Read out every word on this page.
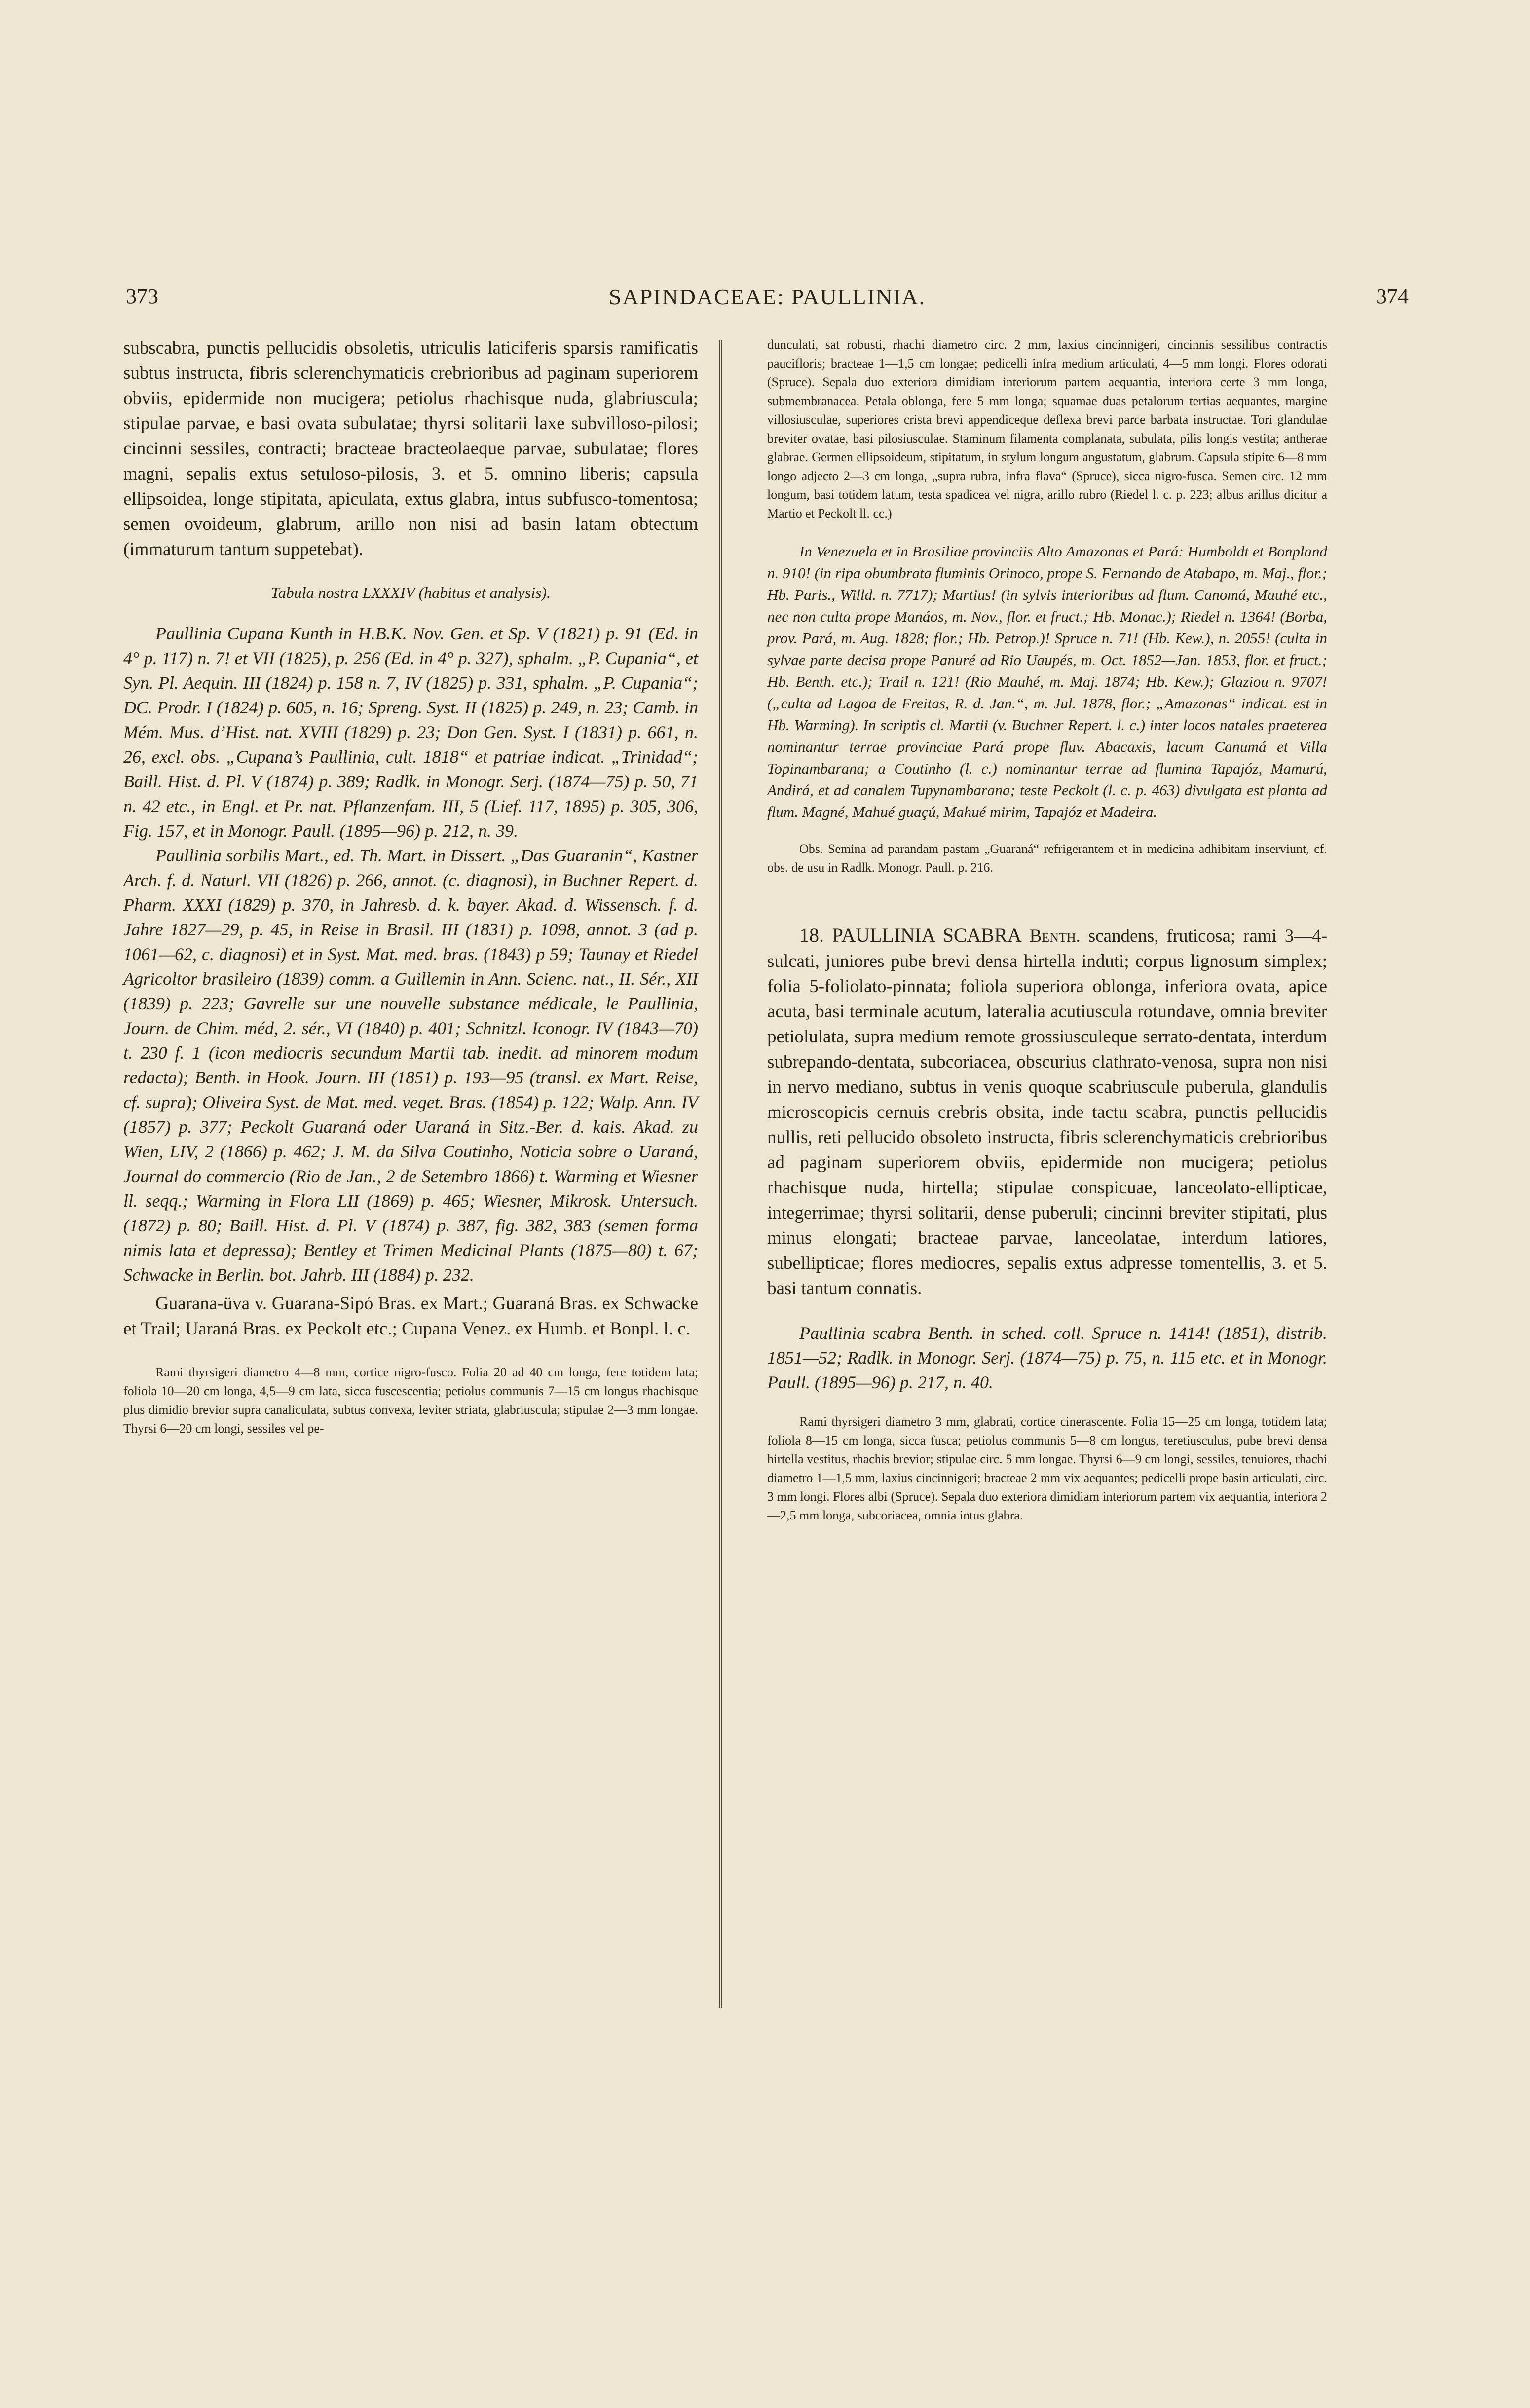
373	SAPINDACEAE: PAULLINIA.	374

subscabra, punctis pellucidis obsoletis, utriculis laticiferis sparsis ramificatis subtus instructa, fibris sclerenchymaticis crebrioribus ad paginam superiorem obviis, epidermide non mucigera; petiolus rhachisque nuda, glabriuscula; stipulae parvae, e basi ovata subulatae; thyrsi solitarii laxe subvilloso-pilosi; cincinni sessiles, contracti; bracteae bracteolaeque parvae, subulatae; flores magni, sepalis extus setuloso-pilosis, 3. et 5. omnino liberis; capsula ellipsoidea, longe stipitata, apiculata, extus glabra, intus subfusco-tomentosa; semen ovoideum, glabrum, arillo non nisi ad basin latam obtectum (immaturum tantum suppetebat).

Tabula nostra LXXXIV (habitus et analysis).

Paullinia Cupana Kunth in H.B.K. Nov. Gen. et Sp. V (1821) p. 91 (Ed. in 4° p. 117) n. 7! et VII (1825), p. 256 (Ed. in 4° p. 327), sphalm. „P. Cupania“, et Syn. Pl. Aequin. III (1824) p. 158 n. 7, IV (1825) p. 331, sphalm. „P. Cupania“; DC. Prodr. I (1824) p. 605, n. 16; Spreng. Syst. II (1825) p. 249, n. 23; Camb. in Mém. Mus. d’Hist. nat. XVIII (1829) p. 23; Don Gen. Syst. I (1831) p. 661, n. 26, excl. obs. „Cupana’s Paullinia, cult. 1818“ et patriae indicat. „Trinidad“; Baill. Hist. d. Pl. V (1874) p. 389; Radlk. in Monogr. Serj. (1874—75) p. 50, 71 n. 42 etc., in Engl. et Pr. nat. Pflanzenfam. III, 5 (Lief. 117, 1895) p. 305, 306, Fig. 157, et in Monogr. Paull. (1895—96) p. 212, n. 39.

Paullinia sorbilis Mart., ed. Th. Mart. in Dissert. „Das Guaranin“, Kastner Arch. f. d. Naturl. VII (1826) p. 266, annot. (c. diagnosi), in Buchner Repert. d. Pharm. XXXI (1829) p. 370, in Jahresb. d. k. bayer. Akad. d. Wissensch. f. d. Jahre 1827—29, p. 45, in Reise in Brasil. III (1831) p. 1098, annot. 3 (ad p. 1061—62, c. diagnosi) et in Syst. Mat. med. bras. (1843) p 59; Taunay et Riedel Agricoltor brasileiro (1839) comm. a Guillemin in Ann. Scienc. nat., II. Sér., XII (1839) p. 223; Gavrelle sur une nouvelle substance médicale, le Paullinia, Journ. de Chim. méd, 2. sér., VI (1840) p. 401; Schnitzl. Iconogr. IV (1843—70) t. 230 f. 1 (icon mediocris secundum Martii tab. inedit. ad minorem modum redacta); Benth. in Hook. Journ. III (1851) p. 193—95 (transl. ex Mart. Reise, cf. supra); Oliveira Syst. de Mat. med. veget. Bras. (1854) p. 122; Walp. Ann. IV (1857) p. 377; Peckolt Guaraná oder Uaraná in Sitz.-Ber. d. kais. Akad. zu Wien, LIV, 2 (1866) p. 462; J. M. da Silva Coutinho, Noticia sobre o Uaraná, Journal do commercio (Rio de Jan., 2 de Setembro 1866) t. Warming et Wiesner ll. seqq.; Warming in Flora LII (1869) p. 465; Wiesner, Mikrosk. Untersuch. (1872) p. 80; Baill. Hist. d. Pl. V (1874) p. 387, fig. 382, 383 (semen forma nimis lata et depressa); Bentley et Trimen Medicinal Plants (1875—80) t. 67; Schwacke in Berlin. bot. Jahrb. III (1884) p. 232.

Guarana-üva v. Guarana-Sipó Bras. ex Mart.; Guaraná Bras. ex Schwacke et Trail; Uaraná Bras. ex Peckolt etc.; Cupana Venez. ex Humb. et Bonpl. l. c.

Rami thyrsigeri diametro 4—8 mm, cortice nigro-fusco. Folia 20 ad 40 cm longa, fere totidem lata; foliola 10—20 cm longa, 4,5—9 cm lata, sicca fuscescentia; petiolus communis 7—15 cm longus rhachisque plus dimidio brevior supra canaliculata, subtus convexa, leviter striata, glabriuscula; stipulae 2—3 mm longae. Thyrsi 6—20 cm longi, sessiles vel pe-

dunculati, sat robusti, rhachi diametro circ. 2 mm, laxius cincinnigeri, cincinnis sessilibus contractis paucifloris; bracteae 1—1,5 cm longae; pedicelli infra medium articulati, 4—5 mm longi. Flores odorati (Spruce). Sepala duo exteriora dimidiam interiorum partem aequantia, interiora certe 3 mm longa, submembranacea. Petala oblonga, fere 5 mm longa; squamae duas petalorum tertias aequantes, margine villosiusculae, superiores crista brevi appendiceque deflexa brevi parce barbata instructae. Tori glandulae breviter ovatae, basi pilosiusculae. Staminum filamenta complanata, subulata, pilis longis vestita; antherae glabrae. Germen ellipsoideum, stipitatum, in stylum longum angustatum, glabrum. Capsula stipite 6—8 mm longo adjecto 2—3 cm longa, „supra rubra, infra flava“ (Spruce), sicca nigro-fusca. Semen circ. 12 mm longum, basi totidem latum, testa spadicea vel nigra, arillo rubro (Riedel l. c. p. 223; albus arillus dicitur a Martio et Peckolt ll. cc.)

In Venezuela et in Brasiliae provinciis Alto Amazonas et Pará: Humboldt et Bonpland n. 910! (in ripa obumbrata fluminis Orinoco, prope S. Fernando de Atabapo, m. Maj., flor.; Hb. Paris., Willd. n. 7717); Martius! (in sylvis interioribus ad flum. Canomá, Mauhé etc., nec non culta prope Manáos, m. Nov., flor. et fruct.; Hb. Monac.); Riedel n. 1364! (Borba, prov. Pará, m. Aug. 1828; flor.; Hb. Petrop.)! Spruce n. 71! (Hb. Kew.), n. 2055! (culta in sylvae parte decisa prope Panuré ad Rio Uaupés, m. Oct. 1852—Jan. 1853, flor. et fruct.; Hb. Benth. etc.); Trail n. 121! (Rio Mauhé, m. Maj. 1874; Hb. Kew.); Glaziou n. 9707! („culta ad Lagoa de Freitas, R. d. Jan.“, m. Jul. 1878, flor.; „Amazonas“ indicat. est in Hb. Warming). In scriptis cl. Martii (v. Buchner Repert. l. c.) inter locos natales praeterea nominantur terrae provinciae Pará prope fluv. Abacaxis, lacum Canumá et Villa Topinambarana; a Coutinho (l. c.) nominantur terrae ad flumina Tapajóz, Mamurú, Andirá, et ad canalem Tupynambarana; teste Peckolt (l. c. p. 463) divulgata est planta ad flum. Magné, Mahué guaçú, Mahué mirim, Tapajóz et Madeira.

Obs. Semina ad parandam pastam „Guaraná“ refrigerantem et in medicina adhibitam inserviunt, cf. obs. de usu in Radlk. Monogr. Paull. p. 216.

18. PAULLINIA SCABRA Benth. scandens, fruticosa; rami 3—4-sulcati, juniores pube brevi densa hirtella induti; corpus lignosum simplex; folia 5-foliolato-pinnata; foliola superiora oblonga, inferiora ovata, apice acuta, basi terminale acutum, lateralia acutiuscula rotundave, omnia breviter petiolulata, supra medium remote grossiusculeque serrato-dentata, interdum subrepando-dentata, subcoriacea, obscurius clathrato-venosa, supra non nisi in nervo mediano, subtus in venis quoque scabriuscule puberula, glandulis microscopicis cernuis crebris obsita, inde tactu scabra, punctis pellucidis nullis, reti pellucido obsoleto instructa, fibris sclerenchymaticis crebrioribus ad paginam superiorem obviis, epidermide non mucigera; petiolus rhachisque nuda, hirtella; stipulae conspicuae, lanceolato-ellipticae, integerrimae; thyrsi solitarii, dense puberuli; cincinni breviter stipitati, plus minus elongati; bracteae parvae, lanceolatae, interdum latiores, subellipticae; flores mediocres, sepalis extus adpresse tomentellis, 3. et 5. basi tantum connatis.

Paullinia scabra Benth. in sched. coll. Spruce n. 1414! (1851), distrib. 1851—52; Radlk. in Monogr. Serj. (1874—75) p. 75, n. 115 etc. et in Monogr. Paull. (1895—96) p. 217, n. 40.

Rami thyrsigeri diametro 3 mm, glabrati, cortice cinerascente. Folia 15—25 cm longa, totidem lata; foliola 8—15 cm longa, sicca fusca; petiolus communis 5—8 cm longus, teretiusculus, pube brevi densa hirtella vestitus, rhachis brevior; stipulae circ. 5 mm longae. Thyrsi 6—9 cm longi, sessiles, tenuiores, rhachi diametro 1—1,5 mm, laxius cincinnigeri; bracteae 2 mm vix aequantes; pedicelli prope basin articulati, circ. 3 mm longi. Flores albi (Spruce). Sepala duo exteriora dimidiam interiorum partem vix aequantia, interiora 2—2,5 mm longa, subcoriacea, omnia intus glabra.
